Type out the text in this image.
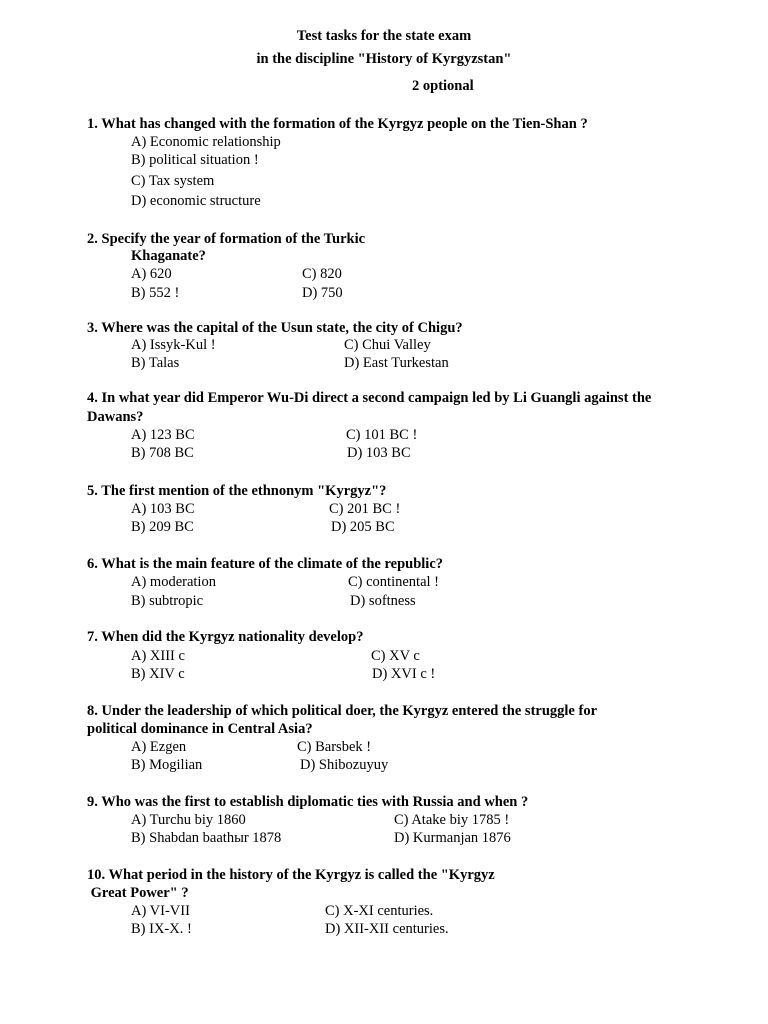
Test tasks for the state exam
in the discipline "History of Kyrgyzstan"
2 optional
1. What has changed with the formation of the Kyrgyz people on the Tien-Shan ?
A) Economic relationship
B) political situation !
C) Tax system
D) economic structure
2. Specify the year of formation of the Turkic
Khaganate?
A) 620	C) 820
B) 552 !	D) 750
3. Where was the capital of the Usun state, the city of Chigu?
A) Issyk-Kul !	C) Chui Valley
B) Talas	D) East Turkestan
4. In what year did Emperor Wu-Di direct a second campaign led by Li Guangli against the
Dawans?
A) 123 BC	C) 101 BC !
B) 708 BC	D) 103 BC
5. The first mention of the ethnonym "Kyrgyz"?
A) 103 BC	C) 201 BC !
B) 209 BC	D) 205 BC
6. What is the main feature of the climate of the republic?
A) moderation	C) continental !
B) subtropic	D) softness
7. When did the Kyrgyz nationality develop?
A) XIII c	C) XV c
B) XIV c	D) XVI c !
8. Under the leadership of which political doer, the Kyrgyz entered the struggle for
political dominance in Central Asia?
A) Ezgen	C) Barsbek !
B) Mogilian	D) Shibozuyuy
9. Who was the first to establish diplomatic ties with Russia and when ?
A) Turchu biy 1860	C) Atake biy 1785 !
B) Shabdan baathыr 1878	D) Kurmanjan 1876
10. What period in the history of the Kyrgyz is called the "Kyrgyz
Great Power" ?
A) VI-VII	C) X-XI centuries.
B) IX-X. !	D) XII-XII centuries.
